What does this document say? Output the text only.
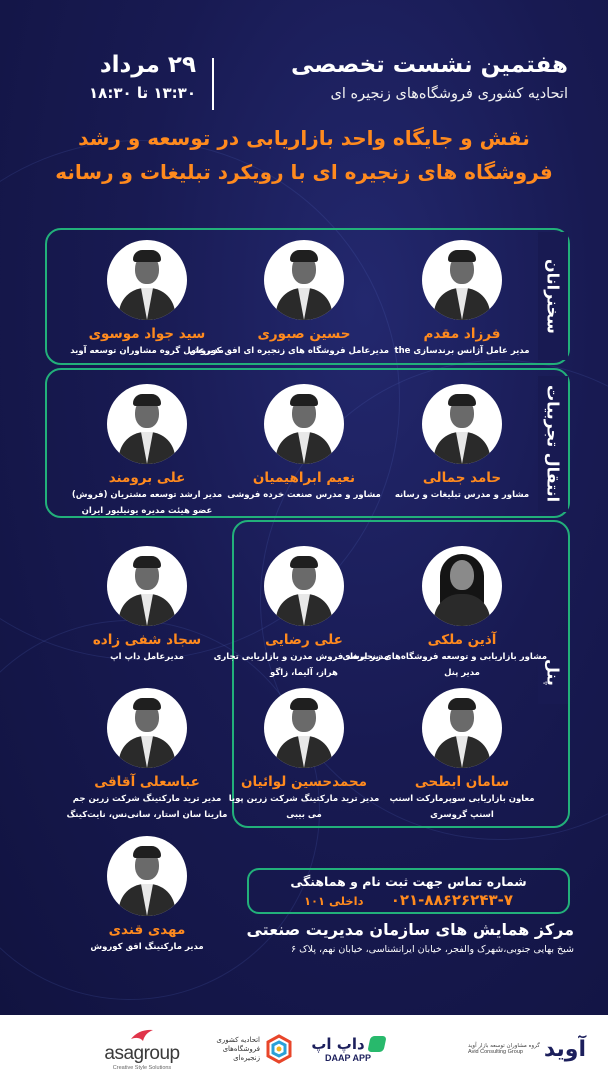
هفتمین نشست تخصصی
اتحادیه کشوری فروشگاه‌های زنجیره ای
۲۹ مرداد
۱۳:۳۰ تا ۱۸:۳۰
نقش و جایگاه واحد بازاریابی در توسعه و رشد
فروشگاه های زنجیره ای با رویکرد تبلیغات و رسانه
سخنرانان
انتقال تجربیات
پنل
فرزاد مقدم
مدیر عامل آژانس برندسازی the
حسین صبوری
مدیرعامل فروشگاه های زنجیره ای افق کوروش
سید جواد موسوی
مدیرعامل گروه مشاوران توسعه آوید
حامد جمالی
مشاور و مدرس تبلیغات و رسانه
نعیم ابراهیمیان
مشاور و مدرس صنعت خرده فروشی
علی برومند
مدیر ارشد توسعه مشتریان (فروش)
عضو هیئت مدیره یونیلیور ایران
آذین ملکی
مشاور بازاریابی و توسعه فروشگاه‌های زنجیره‌ای
مدیر پنل
علی رضایی
مدیر ارشد فروش مدرن و بازاریابی تجاری
هراز، آلیما، زاگو
سجاد شفی زاده
مدیرعامل داپ اپ
سامان ابطحی
معاون بازاریابی سوپرمارکت اسنپ
اسنپ گروسری
محمدحسین لوائیان
مدیر ترید مارکتینگ شرکت زرین پویا
می بیبی
عباسعلی آقاقی
مدیر ترید مارکتینگ شرکت زرین جم
مارینا سان استار، سانی‌نس، نایت‌کینگ
مهدی قندی
مدیر مارکتینگ افق کوروش
شماره تماس جهت ثبت نام و هماهنگی
۰۲۱-۸۸۶۲۶۲۴۳-۷ داخلی ۱۰۱
مرکز همایش های سازمان مدیریت صنعتی
شیخ بهایی جنوبی،شهرک والفجر، خیابان ایرانشناسی، خیابان نهم، پلاک ۶
آوید
گروه مشاوران توسعه بازار آوید
Avid Consulting Group
داپ اپ
DAAP APP
اتحادیه کشوری فروشگاه‌های زنجیره‌ای
asagroup
Creative Style Solutions
